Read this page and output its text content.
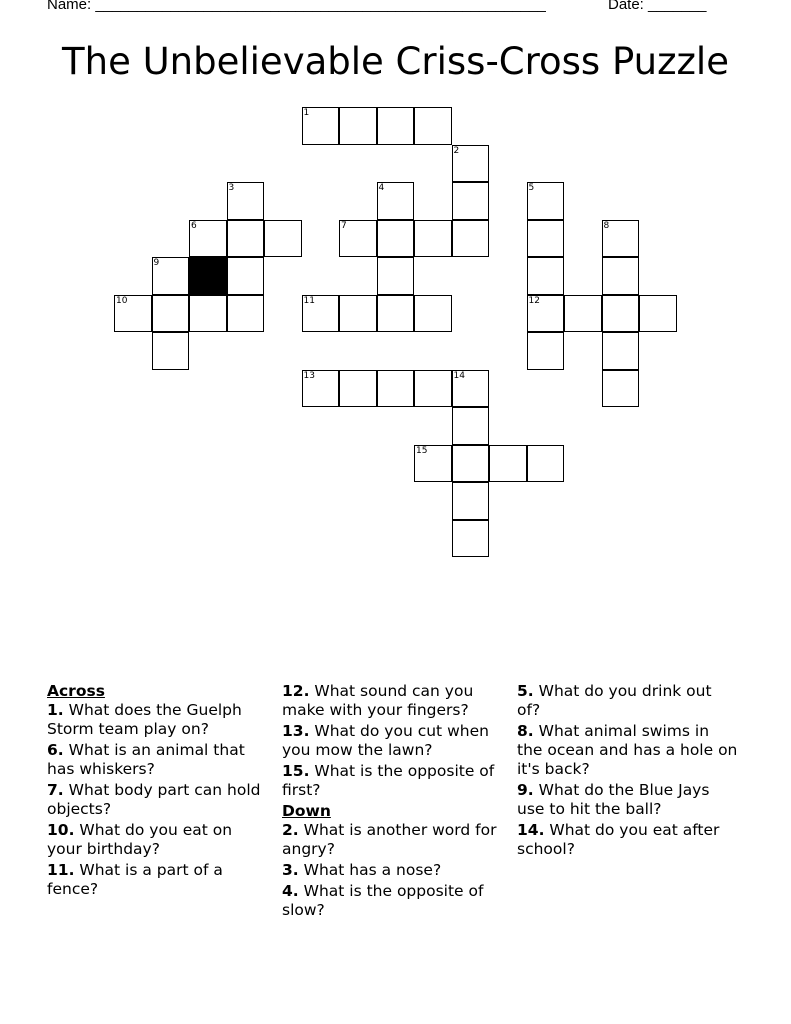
Name: ______________________________________________________	Date: _______
The Unbelievable Criss-Cross Puzzle
1
2
3	4	5
6	7	8
9
10	11	12
13	14
15
Across
1. What does the Guelph Storm team play on?
6. What is an animal that has whiskers?
7. What body part can hold objects?
10. What do you eat on your birthday?
11. What is a part of a fence?
12. What sound can you make with your fingers?
13. What do you cut when you mow the lawn?
15. What is the opposite of first?
Down
2. What is another word for angry?
3. What has a nose?
4. What is the opposite of slow?
5. What do you drink out of?
8. What animal swims in the ocean and has a hole on it's back?
9. What do the Blue Jays use to hit the ball?
14. What do you eat after school?
